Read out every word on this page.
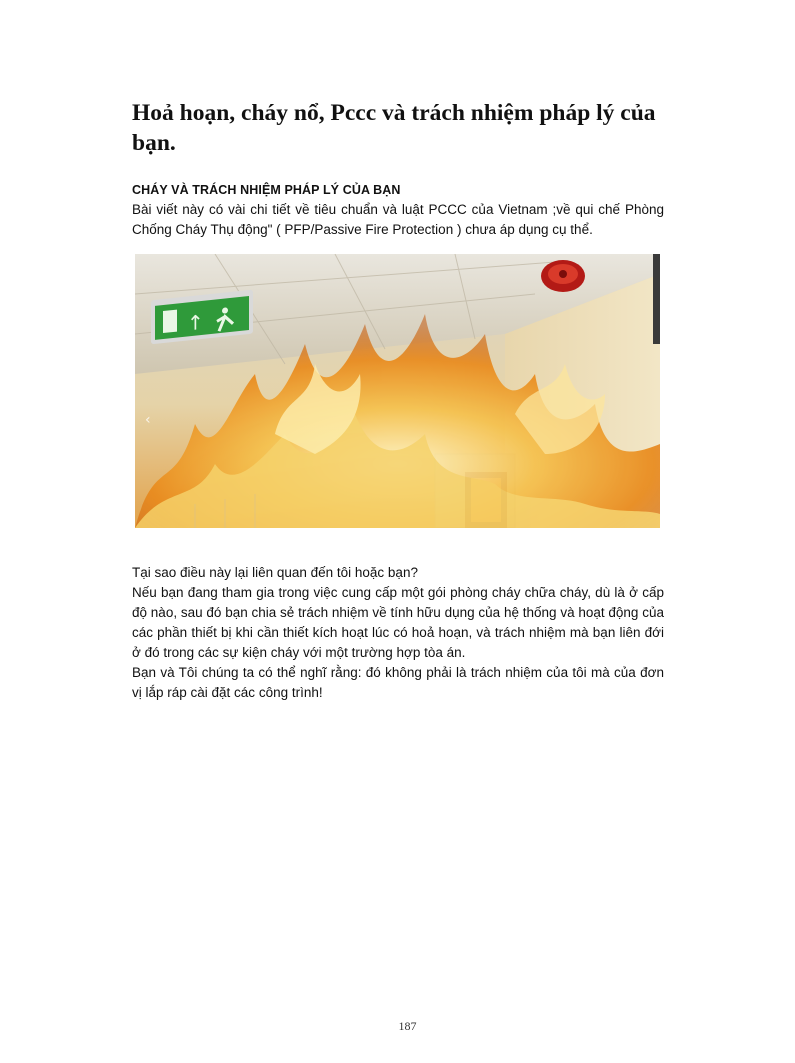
Hoả hoạn, cháy nổ, Pccc và trách nhiệm pháp lý của bạn.
CHÁY VÀ TRÁCH NHIỆM PHÁP LÝ CỦA BẠN
Bài viết này có vài chi tiết về tiêu chuẩn và luật PCCC của Vietnam ;về qui chế Phòng Chống Cháy Thụ động" ( PFP/Passive Fire Protection ) chưa áp dụng cụ thể.
↑
‹

Tại sao điều này lại liên quan đến tôi hoặc bạn?

Nếu bạn đang tham gia trong việc cung cấp một gói phòng cháy chữa cháy, dù là ở cấp độ nào, sau đó bạn chia sẻ trách nhiệm về tính hữu dụng của hệ thống và hoạt động của các phần thiết bị khi cần thiết kích hoạt lúc có hoả hoạn, và trách nhiệm mà bạn liên đới ở đó trong các sự kiện cháy với một trường hợp tòa án.

Bạn và Tôi chúng ta có thể nghĩ rằng: đó không phải là trách nhiệm của tôi mà của đơn vị lắp ráp cài đặt các công trình!

187
